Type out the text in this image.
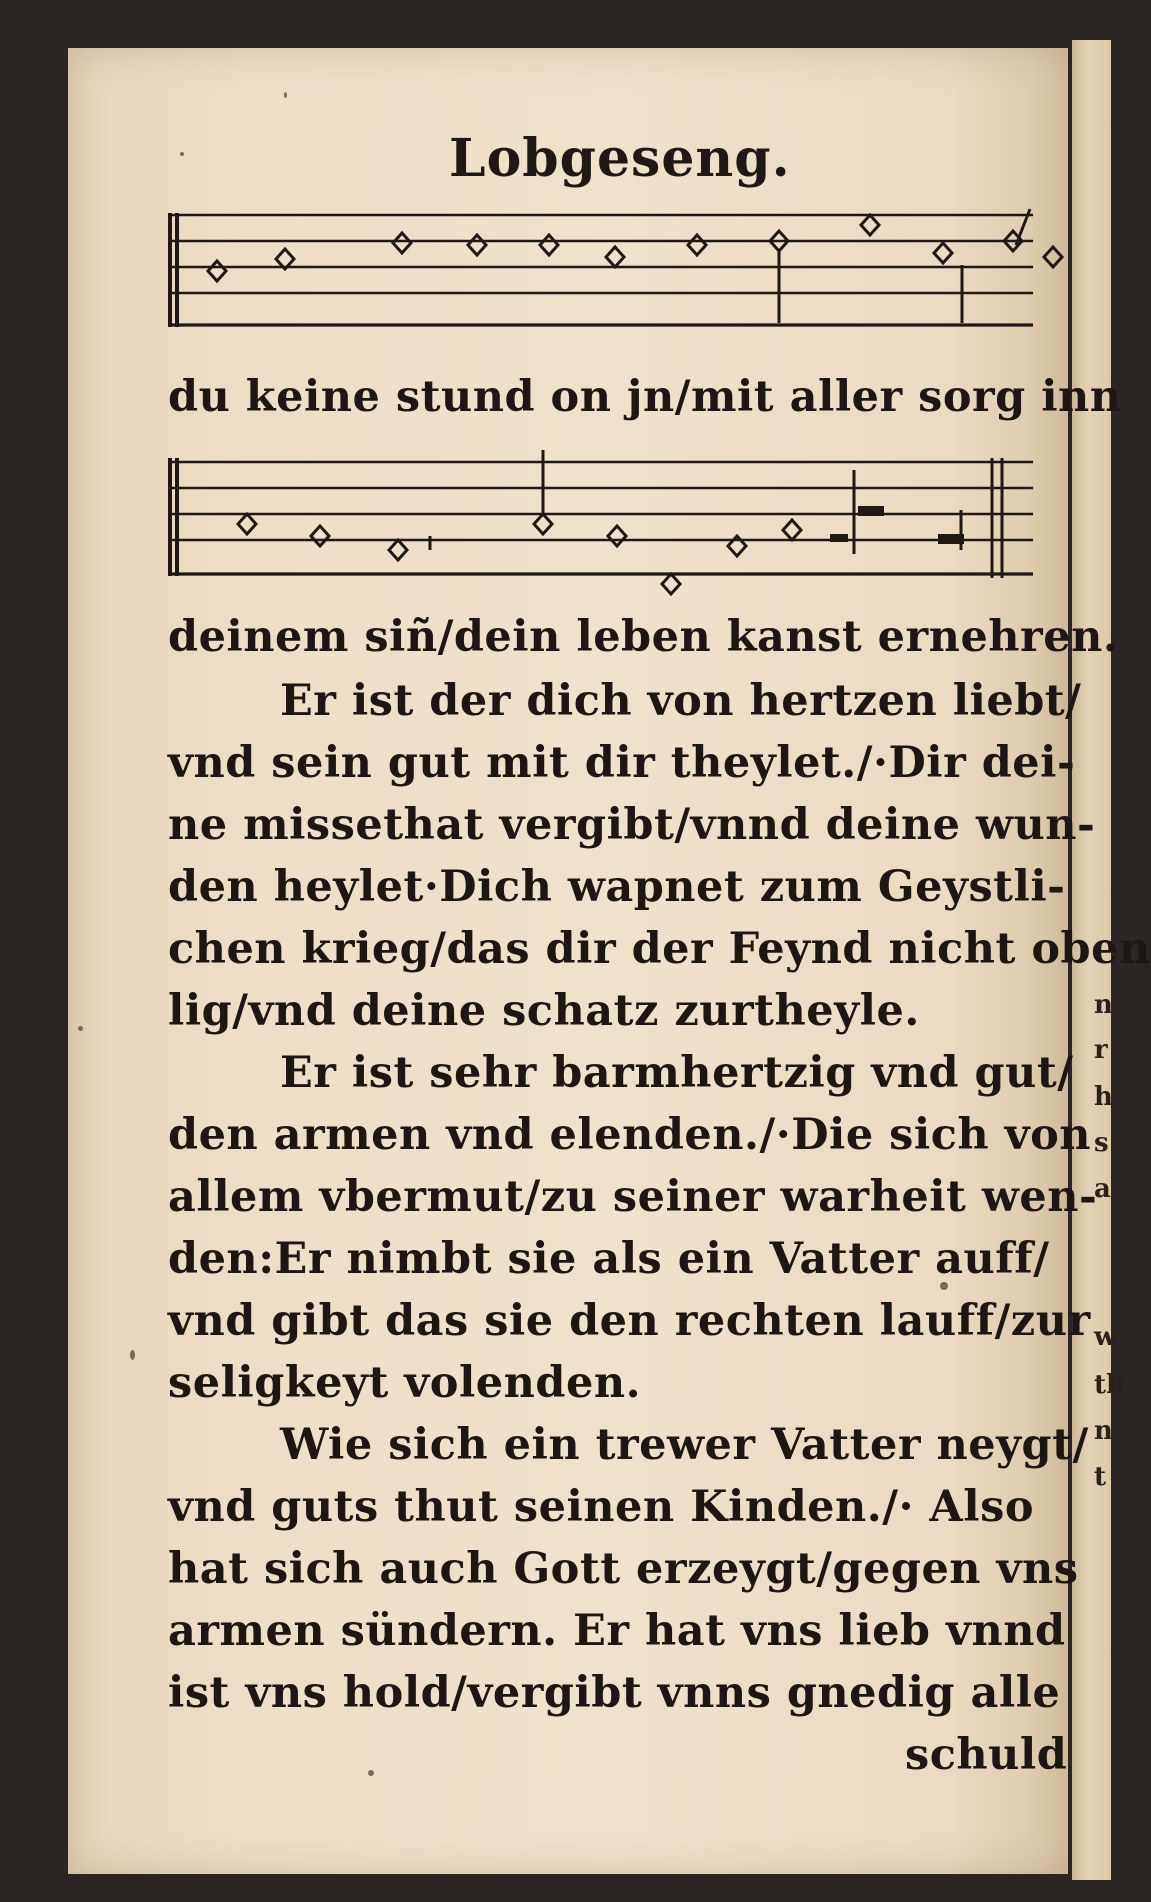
n
r
h
s
a
w
th
n
t
Lobgeseng.
du keine stund on jn/mit aller sorg inn
deinem siñ/dein leben kanst ernehren.
Er ist der dich von hertzen liebt/
vnd sein gut mit dir theylet./·Dir dei-
ne missethat vergibt/vnnd deine wun-
den heylet·Dich wapnet zum Geystli-
chen krieg/das dir der Feynd nicht oben
lig/vnd deine schatz zurtheyle.
Er ist sehr barmhertzig vnd gut/
den armen vnd elenden./·Die sich von
allem vbermut/zu seiner warheit wen-
den:Er nimbt sie als ein Vatter auff/
vnd gibt das sie den rechten lauff/zur
seligkeyt volenden.
Wie sich ein trewer Vatter neygt/
vnd guts thut seinen Kinden./· Also
hat sich auch Gott erzeygt/gegen vns
armen sündern. Er hat vns lieb vnnd
ist vns hold/vergibt vnns gnedig alle
schuld
